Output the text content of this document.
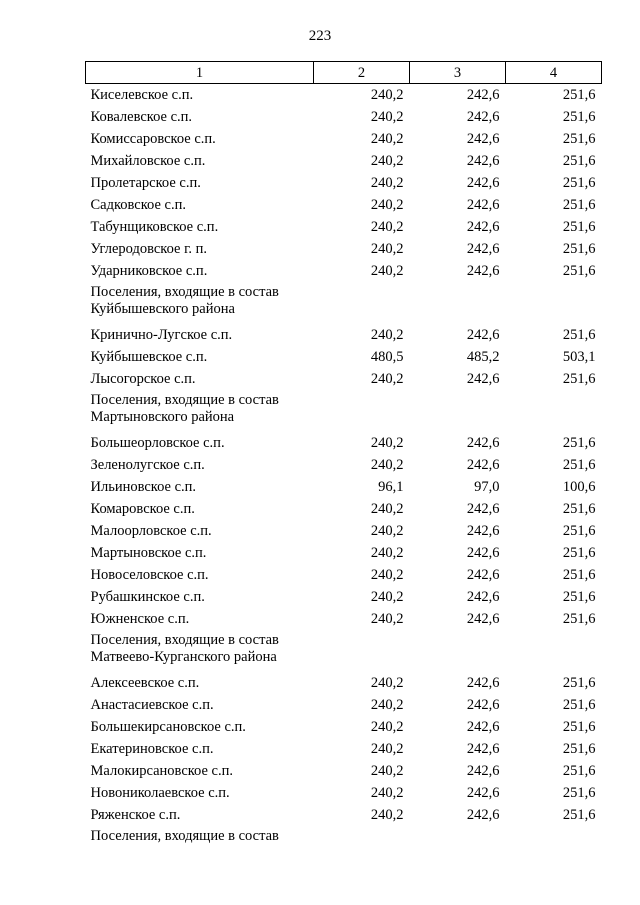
223
1	2	3	4
Киселевское с.п.	240,2	242,6	251,6
Ковалевское с.п.	240,2	242,6	251,6
Комиссаровское с.п.	240,2	242,6	251,6
Михайловское с.п.	240,2	242,6	251,6
Пролетарское с.п.	240,2	242,6	251,6
Садковское с.п.	240,2	242,6	251,6
Табунщиковское с.п.	240,2	242,6	251,6
Углеродовское г. п.	240,2	242,6	251,6
Ударниковское с.п.	240,2	242,6	251,6

Поселения, входящие в состав
Куйбышевского района			

Кринично-Лугское с.п.	240,2	242,6	251,6
Куйбышевское с.п.	480,5	485,2	503,1
Лысогорское с.п.	240,2	242,6	251,6

Поселения, входящие в состав
Мартыновского района			

Большеорловское с.п.	240,2	242,6	251,6
Зеленолугское с.п.	240,2	242,6	251,6
Ильиновское с.п.	96,1	97,0	100,6
Комаровское с.п.	240,2	242,6	251,6
Малоорловское с.п.	240,2	242,6	251,6
Мартыновское с.п.	240,2	242,6	251,6
Новоселовское с.п.	240,2	242,6	251,6
Рубашкинское с.п.	240,2	242,6	251,6
Южненское с.п.	240,2	242,6	251,6

Поселения, входящие в состав
Матвеево-Курганского района			

Алексеевское с.п.	240,2	242,6	251,6
Анастасиевское с.п.	240,2	242,6	251,6
Большекирсановское с.п.	240,2	242,6	251,6
Екатериновское с.п.	240,2	242,6	251,6
Малокирсановское с.п.	240,2	242,6	251,6
Новониколаевское с.п.	240,2	242,6	251,6
Ряженское с.п.	240,2	242,6	251,6

Поселения, входящие в состав			
